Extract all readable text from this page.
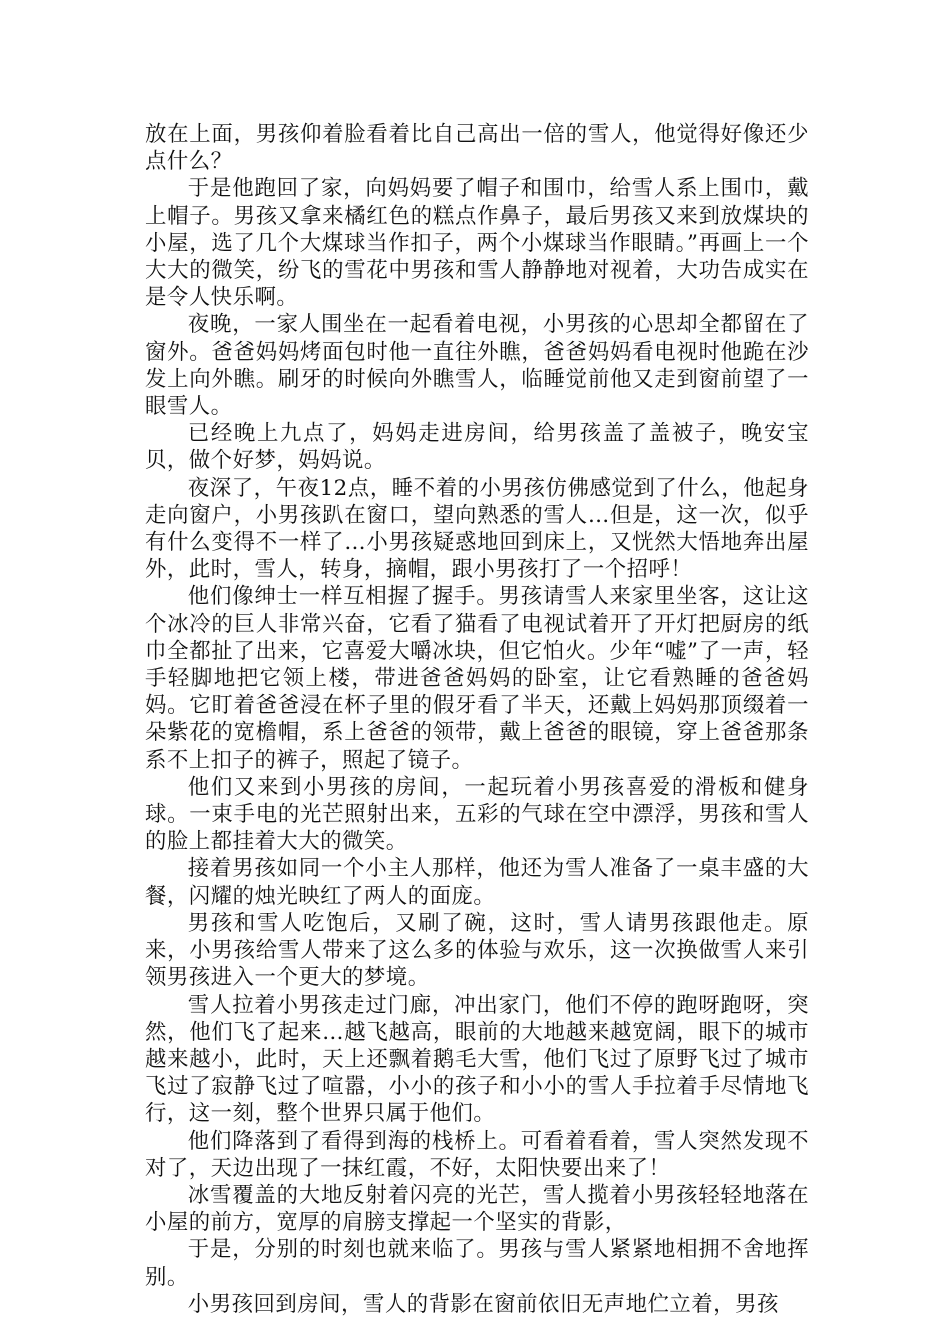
放在上面，男孩仰着脸看着比自己高出一倍的雪人，他觉得好像还少点什么？

于是他跑回了家，向妈妈要了帽子和围巾，给雪人系上围巾，戴上帽子。男孩又拿来橘红色的糕点作鼻子，最后男孩又来到放煤块的小屋，选了几个大煤球当作扣子，两个小煤球当作眼睛。”再画上一个大大的微笑，纷飞的雪花中男孩和雪人静静地对视着，大功告成实在是令人快乐啊。

夜晚，一家人围坐在一起看着电视，小男孩的心思却全都留在了窗外。爸爸妈妈烤面包时他一直往外瞧，爸爸妈妈看电视时他跪在沙发上向外瞧。刷牙的时候向外瞧雪人，临睡觉前他又走到窗前望了一眼雪人。

已经晚上九点了，妈妈走进房间，给男孩盖了盖被子，晚安宝贝，做个好梦，妈妈说。

夜深了，午夜12点，睡不着的小男孩仿佛感觉到了什么，他起身走向窗户，小男孩趴在窗口，望向熟悉的雪人…但是，这一次，似乎有什么变得不一样了…小男孩疑惑地回到床上，又恍然大悟地奔出屋外，此时，雪人，转身，摘帽，跟小男孩打了一个招呼！

他们像绅士一样互相握了握手。男孩请雪人来家里坐客，这让这个冰冷的巨人非常兴奋，它看了猫看了电视试着开了开灯把厨房的纸巾全都扯了出来，它喜爱大嚼冰块，但它怕火。少年“嘘”了一声，轻手轻脚地把它领上楼，带进爸爸妈妈的卧室，让它看熟睡的爸爸妈妈。它盯着爸爸浸在杯子里的假牙看了半天，还戴上妈妈那顶缀着一朵紫花的宽檐帽，系上爸爸的领带，戴上爸爸的眼镜，穿上爸爸那条系不上扣子的裤子，照起了镜子。

他们又来到小男孩的房间，一起玩着小男孩喜爱的滑板和健身球。一束手电的光芒照射出来，五彩的气球在空中漂浮，男孩和雪人的脸上都挂着大大的微笑。

接着男孩如同一个小主人那样，他还为雪人准备了一桌丰盛的大餐，闪耀的烛光映红了两人的面庞。

男孩和雪人吃饱后，又刷了碗，这时，雪人请男孩跟他走。原来，小男孩给雪人带来了这么多的体验与欢乐，这一次换做雪人来引领男孩进入一个更大的梦境。

雪人拉着小男孩走过门廊，冲出家门，他们不停的跑呀跑呀，突然，他们飞了起来…越飞越高，眼前的大地越来越宽阔，眼下的城市越来越小，此时，天上还飘着鹅毛大雪，他们飞过了原野飞过了城市飞过了寂静飞过了喧嚣，小小的孩子和小小的雪人手拉着手尽情地飞行，这一刻，整个世界只属于他们。

他们降落到了看得到海的栈桥上。可看着看着，雪人突然发现不对了，天边出现了一抹红霞，不好，太阳快要出来了！

冰雪覆盖的大地反射着闪亮的光芒，雪人揽着小男孩轻轻地落在小屋的前方，宽厚的肩膀支撑起一个坚实的背影，

于是，分别的时刻也就来临了。男孩与雪人紧紧地相拥不舍地挥别。

小男孩回到房间，雪人的背影在窗前依旧无声地伫立着，男孩
